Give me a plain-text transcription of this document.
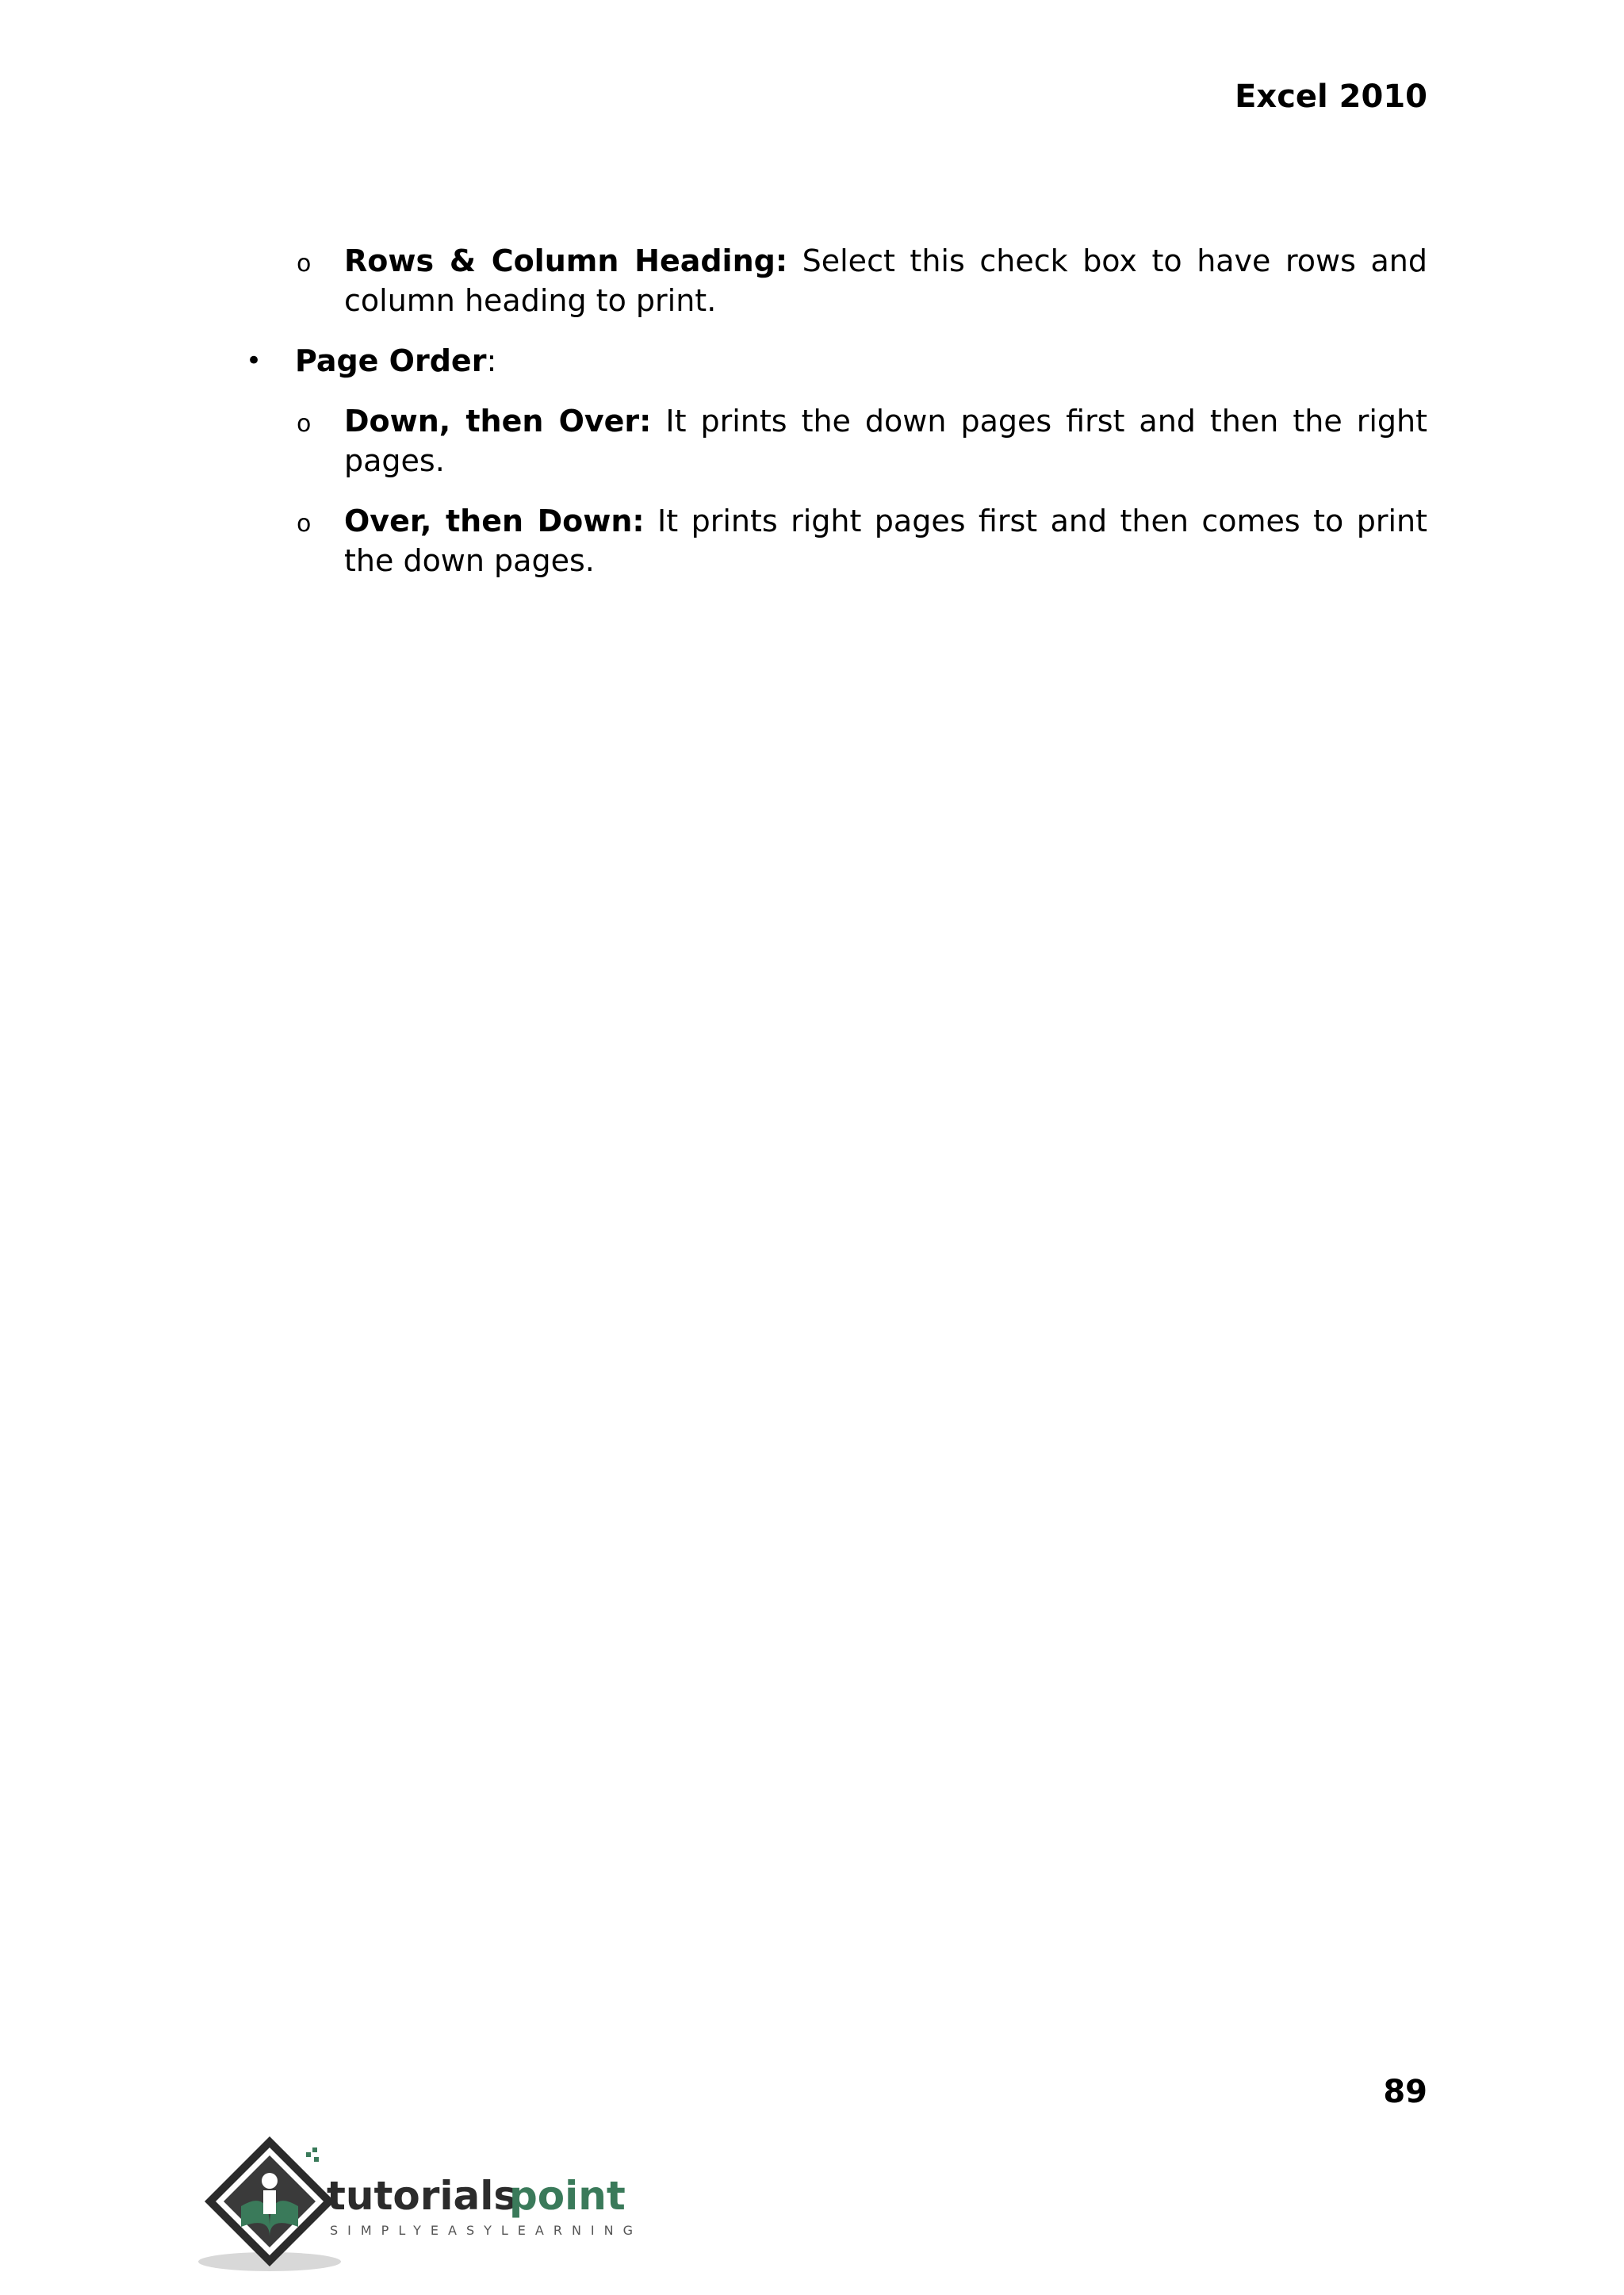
Excel 2010
o Rows & Column Heading: Select this check box to have rows and column heading to print.
• Page Order:
o Down, then Over: It prints the down pages first and then the right pages.
o Over, then Down: It prints right pages first and then comes to print the down pages.
89
tutorials
point
SIMPLYEASYLEARNING
